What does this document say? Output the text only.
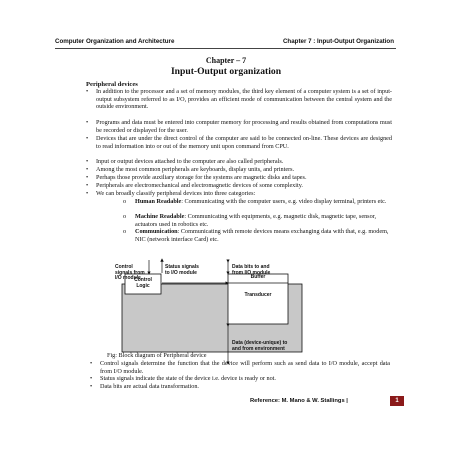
Computer Organization and Architecture	Chapter 7 : Input-Output Organization
Chapter – 7
Input-Output organization
Peripheral devices
• In addition to the processor and a set of memory modules, the third key element of a computer system is a set of input-output subsystem referred to as I/O, provides an efficient mode of communication between the central system and the outside environment.
• Programs and data must be entered into computer memory for processing and results obtained from computations must be recorded or displayed for the user.
• Devices that are under the direct control of the computer are said to be connected on-line. These devices are designed to read information into or out of the memory unit upon command from CPU.
• Input or output devices attached to the computer are also called peripherals.
• Among the most common peripherals are keyboards, display units, and printers.
• Perhaps those provide auxiliary storage for the systems are magnetic disks and tapes.
• Peripherals are electromechanical and electromagnetic devices of some complexity.
• We can broadly classify peripheral devices into three categories:
o Human Readable: Communicating with the computer users, e.g. video display terminal, printers etc.
o Machine Readable: Communicating with equipments, e.g. magnetic disk, magnetic tape, sensor, actuators used in robotics etc.
o Communication: Communicating with remote devices means exchanging data with that, e.g. modem, NIC (network interface Card) etc.
Control signals from I/O module
Status signals to I/O module
Data bits to and from I/O module
Control Logic
Buffer
Transducer
Data (device-unique) to and from environment
Fig: Block diagram of Peripheral device
• Control signals determine the function that the device will perform such as send data to I/O module, accept data from I/O module.
• Status signals indicate the state of the device i.e. device is ready or not.
• Data bits are actual data transformation.
Reference: M. Mano & W. Stallings |	1
